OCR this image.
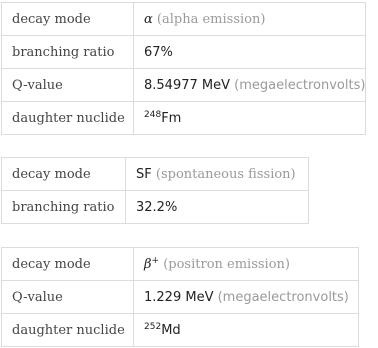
decay mode	α (alpha emission)
branching ratio	67%
Q-value	8.54977 MeV (megaelectronvolts)
daughter nuclide	$^{248}$Fm
decay mode	SF (spontaneous fission)
branching ratio	32.2%
decay mode	β+ (positron emission)
Q-value	1.229 MeV (megaelectronvolts)
daughter nuclide	$^{252}$Md
